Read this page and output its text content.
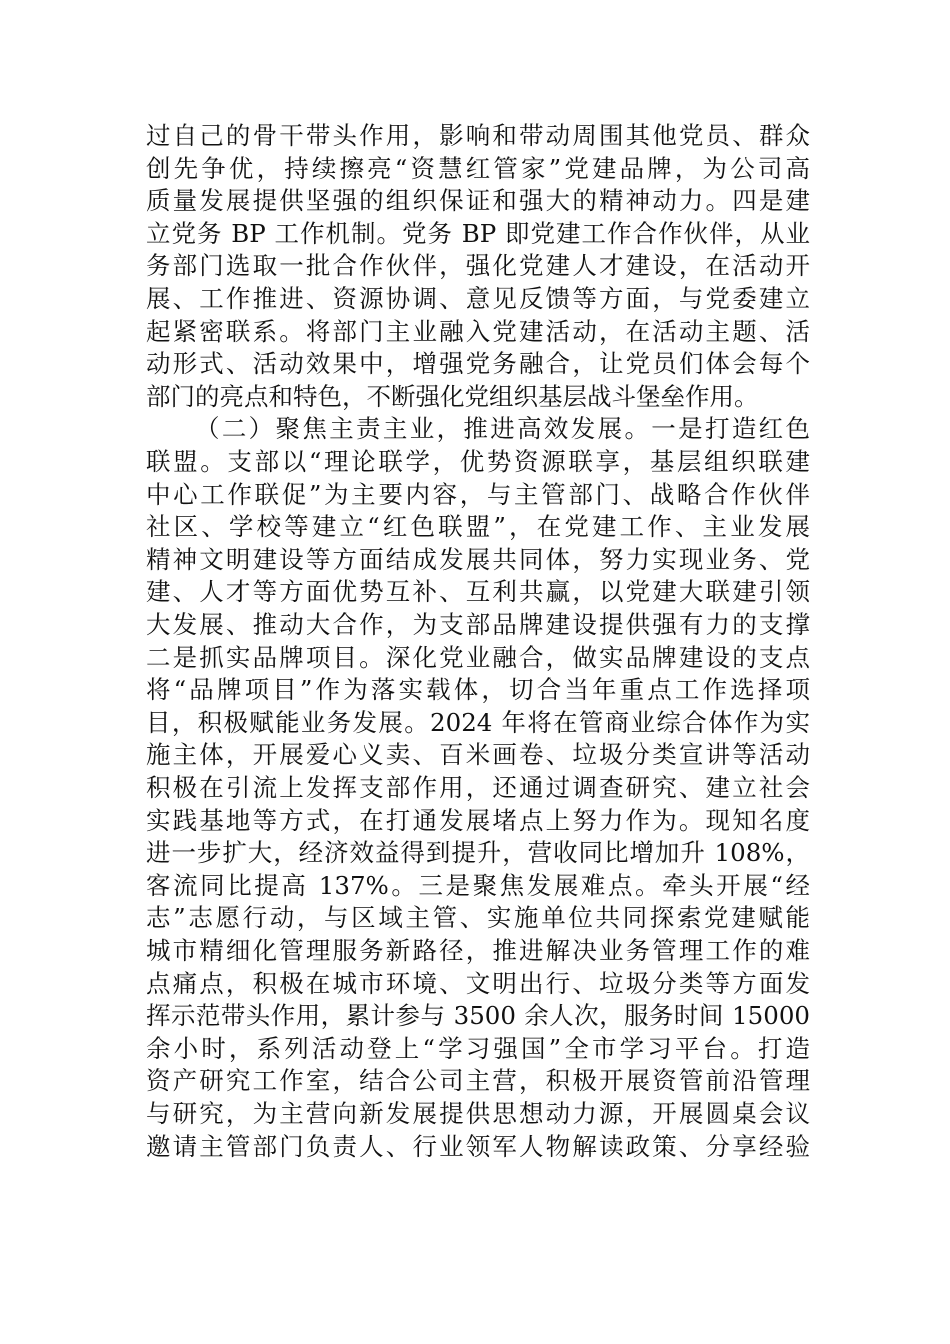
过自己的骨干带头作用，影响和带动周围其他党员、群众
创先争优，持续擦亮“资慧红管家”党建品牌，为公司高
质量发展提供坚强的组织保证和强大的精神动力。四是建
立党务 BP 工作机制。党务 BP 即党建工作合作伙伴，从业
务部门选取一批合作伙伴，强化党建人才建设，在活动开
展、工作推进、资源协调、意见反馈等方面，与党委建立
起紧密联系。将部门主业融入党建活动，在活动主题、活
动形式、活动效果中，增强党务融合，让党员们体会每个
部门的亮点和特色，不断强化党组织基层战斗堡垒作用。
（二）聚焦主责主业，推进高效发展。一是打造红色
联盟。支部以“理论联学，优势资源联享，基层组织联建
中心工作联促”为主要内容，与主管部门、战略合作伙伴
社区、学校等建立“红色联盟”，在党建工作、主业发展
精神文明建设等方面结成发展共同体，努力实现业务、党
建、人才等方面优势互补、互利共赢，以党建大联建引领
大发展、推动大合作，为支部品牌建设提供强有力的支撑
二是抓实品牌项目。深化党业融合，做实品牌建设的支点
将“品牌项目”作为落实载体，切合当年重点工作选择项
目，积极赋能业务发展。2024 年将在管商业综合体作为实
施主体，开展爱心义卖、百米画卷、垃圾分类宣讲等活动
积极在引流上发挥支部作用，还通过调查研究、建立社会
实践基地等方式，在打通发展堵点上努力作为。现知名度
进一步扩大，经济效益得到提升，营收同比增加升 108%，
客流同比提高 137%。三是聚焦发展难点。牵头开展“经
志”志愿行动，与区域主管、实施单位共同探索党建赋能
城市精细化管理服务新路径，推进解决业务管理工作的难
点痛点，积极在城市环境、文明出行、垃圾分类等方面发
挥示范带头作用，累计参与 3500 余人次，服务时间 15000
余小时，系列活动登上“学习强国”全市学习平台。打造
资产研究工作室，结合公司主营，积极开展资管前沿管理
与研究，为主营向新发展提供思想动力源，开展圆桌会议
邀请主管部门负责人、行业领军人物解读政策、分享经验
